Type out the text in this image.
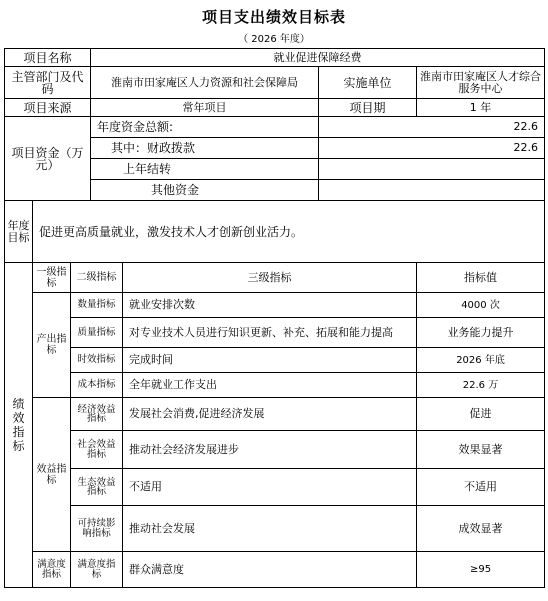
项目支出绩效目标表
（ 2026 年度）
项目名称			就业促进保障经费			
主管部门及代码			淮南市田家庵区人力资源和社会保障局		实施单位	淮南市田家庵区人才综合服务中心
项目来源			常年项目		项目期	1 年
项目资金（万元）			年度资金总额:		22.6	
			其中：财政拨款		22.6	
			上年结转			
			其他资金			
年度目标	促进更高质量就业，激发技术人才创新创业活力。					
绩效指标	一级指标	二级指标		三级指标		指标值
	产出指标	数量指标		就业安排次数		4000 次
		质量指标		对专业技术人员进行知识更新、补充、拓展和能力提高		业务能力提升
		时效指标		完成时间		2026 年底
		成本指标		全年就业工作支出		22.6 万
	效益指标	经济效益指标		发展社会消费,促进经济发展		促进
		社会效益指标		推动社会经济发展进步		效果显著
		生态效益指标		不适用		不适用
		可持续影响指标		推动社会发展		成效显著
	满意度指标	满意度指标		群众满意度		≥95
